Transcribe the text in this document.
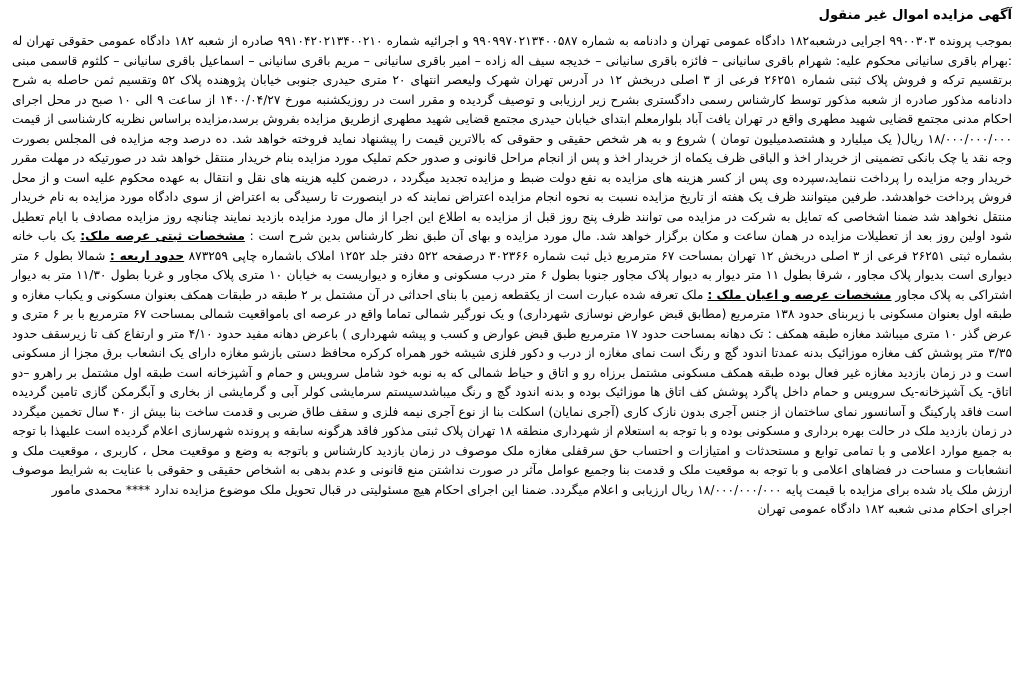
آگهی مزایده اموال غیر منقول

بموجب پرونده ۹۹۰۰۳۰۳ اجرایی درشعبه۱۸۲ دادگاه عمومی تهران و دادنامه به شماره ۹۹۰۹۹۷۰۲۱۳۴۰۰۵۸۷ و اجرائیه شماره ۹۹۱۰۴۲۰۲۱۳۴۰۰۲۱۰ صادره از شعبه ۱۸۲ دادگاه عمومی حقوقی تهران له :بهرام باقری سانیانی محکوم علیه: شهرام باقری سانیانی – فائزه باقری سانیانی – خدیجه سیف اله زاده – امیر باقری سانیانی – مریم باقری سانیانی – اسماعیل باقری سانیانی – کلثوم قاسمی مبنی برتقسیم ترکه و فروش پلاک ثبتی شماره ۲۶۲۵۱ فرعی از ۳ اصلی دربخش ۱۲ در آدرس تهران شهرک ولیعصر انتهای ۲۰ متری حیدری جنوبی خیابان پژوهنده پلاک ۵۲ وتقسیم ثمن حاصله به شرح دادنامه مذکور صادره از شعبه مذکور توسط کارشناس رسمی دادگستری بشرح زیر ارزیابی و توصیف گردیده و مقرر است در روزیکشنبه مورخ ۱۴۰۰/۰۴/۲۷ از ساعت ۹ الی ۱۰ صبح در محل اجرای احکام مدنی مجتمع قضایی شهید مطهری واقع در تهران یافت آباد بلوارمعلم ابتدای خیابان حیدری مجتمع قضایی شهید مطهری ازطریق مزایده بفروش برسد،مزایده براساس نظریه کارشناسی از قیمت ۱۸/۰۰۰/۰۰۰/۰۰۰ ریال( یک میلیارد و هشتصدمیلیون تومان ) شروع و به هر شخص حقیقی و حقوقی که بالاترین قیمت را پیشنهاد نماید فروخته خواهد شد. ده درصد وجه مزایده فی المجلس بصورت وجه نقد یا چک بانکی تضمینی از خریدار اخذ و الباقی ظرف یکماه از خریدار اخذ و پس از انجام مراحل قانونی و صدور حکم تملیک مورد مزایده بنام خریدار منتقل خواهد شد در صورتیکه در مهلت مقرر خریدار وجه مزایده را پرداخت ننماید،سپرده وی پس از کسر هزینه های مزایده به نفع دولت ضبط و مزایده تجدید میگردد ، درضمن کلیه هزینه های نقل و انتقال به عهده محکوم علیه است و از محل فروش پرداخت خواهدشد. طرفین میتوانند ظرف یک هفته از تاریخ مزایده نسبت به نحوه انجام مزایده اعتراض نمایند که در اینصورت تا رسیدگی به اعتراض از سوی دادگاه مورد مزایده به نام خریدار منتقل نخواهد شد ضمنا اشخاصی که تمایل به شرکت در مزایده می توانند ظرف پنج روز قبل از مزایده به اطلاع این اجرا از مال مورد مزایده بازدید نمایند چنانچه روز مزایده مصادف با ایام تعطیل شود اولین روز بعد از تعطیلات مزایده در همان ساعت و مکان برگزار خواهد شد. مال مورد مزایده و بهای آن طبق نظر کارشناس بدین شرح است : مشخصات ثبتی عرصه ملک: یک باب خانه بشماره ثبتی ۲۶۲۵۱ فرعی از ۳ اصلی دربخش ۱۲ تهران بمساحت ۶۷ مترمربع ذیل ثبت شماره ۳۰۲۳۶۶ درصفحه ۵۲۲ دفتر جلد ۱۲۵۲ املاک باشماره چاپی ۸۷۳۲۵۹ حدود اربعه : شمالا بطول ۶ متر دیواری است بدیوار پلاک مجاور ، شرقا بطول ۱۱ متر دیوار به دیوار پلاک مجاور جنوبا بطول ۶ متر درب مسکونی و مغازه و دیواریست به خیابان ۱۰ متری پلاک مجاور و غربا بطول ۱۱/۳۰ متر به دیوار اشتراکی به پلاک مجاور مشخصات عرصه و اعیان ملک : ملک تعرفه شده عبارت است از یکقطعه زمین با بنای احداثی در آن مشتمل بر ۲ طبقه در طبقات همکف بعنوان مسکونی و یکباب مغازه و طبقه اول بعنوان مسکونی با زیربنای حدود ۱۳۸ مترمربع (مطابق قبض عوارض نوسازی شهرداری) و یک نورگیر شمالی تماما واقع در عرصه ای بامواقعیت شمالی بمساحت ۶۷ مترمربع با بر ۶ متری و عرض گذر ۱۰ متری میباشد مغازه طبقه همکف : تک دهانه بمساحت حدود ۱۷ مترمربع طبق قبض عوارض و کسب و پیشه شهرداری ) باعرض دهانه مفید حدود ۴/۱۰ متر و ارتفاع کف تا زیرسقف حدود ۳/۳۵ متر پوشش کف مغازه موزائیک بدنه عمدتا اندود گچ و رنگ است نمای مغازه از درب و دکور فلزی شیشه خور همراه کرکره محافظ دستی بازشو مغازه دارای یک انشعاب برق مجزا از مسکونی است و در زمان بازدید مغازه غیر فعال بوده طبقه همکف مسکونی مشتمل برزاه رو و اتاق و حیاط شمالی که به نوبه خود شامل سرویس و حمام و آشپزخانه است طبقه اول مشتمل بر راهرو –دو اتاق- یک آشپزخانه-یک سرویس و حمام داخل پاگرد پوشش کف اتاق ها موزائیک بوده و بدنه اندود گچ و رنگ میباشدسیستم سرمایشی کولر آبی و گرمایشی از بخاری و آبگرمکن گازی تامین گردیده است فاقد پارکینگ و آسانسور نمای ساختمان از جنس آجری بدون نازک کاری (آجری نمایان) اسکلت بنا از نوع آجری نیمه فلزی و سقف طاق ضربی و قدمت ساخت بنا بیش از ۴۰ سال تخمین میگردد در زمان بازدید ملک در حالت بهره برداری و مسکونی بوده و با توجه به استعلام از شهرداری منطقه ۱۸ تهران پلاک ثبتی مذکور فاقد هرگونه سابقه و پرونده شهرسازی اعلام گردیده است علیهذا با توجه به جمیع موارد اعلامی و با تمامی توابع و مستحدثات و امتیازات و احتساب حق سرقفلی مغازه ملک موصوف در زمان بازدید کارشناس و باتوجه به وضع و موقعیت محل ، کاربری ، موقعیت ملک و انشعابات و مساحت در فضاهای اعلامی و با توجه به موقعیت ملک و قدمت بنا وجمیع عوامل مآثر در صورت نداشتن منع قانونی و عدم بدهی به اشخاص حقیقی و حقوقی با عنایت به شرایط موصوف ارزش ملک یاد شده برای مزایده با قیمت پایه ۱۸/۰۰۰/۰۰۰/۰۰۰ ریال ارزیابی و اعلام میگردد. ضمنا این اجرای احکام هیچ مسئولیتی در قبال تحویل ملک موضوع مزایده ندارد **** محمدی مامور

اجرای احکام مدنی شعبه ۱۸۲ دادگاه عمومی تهران
